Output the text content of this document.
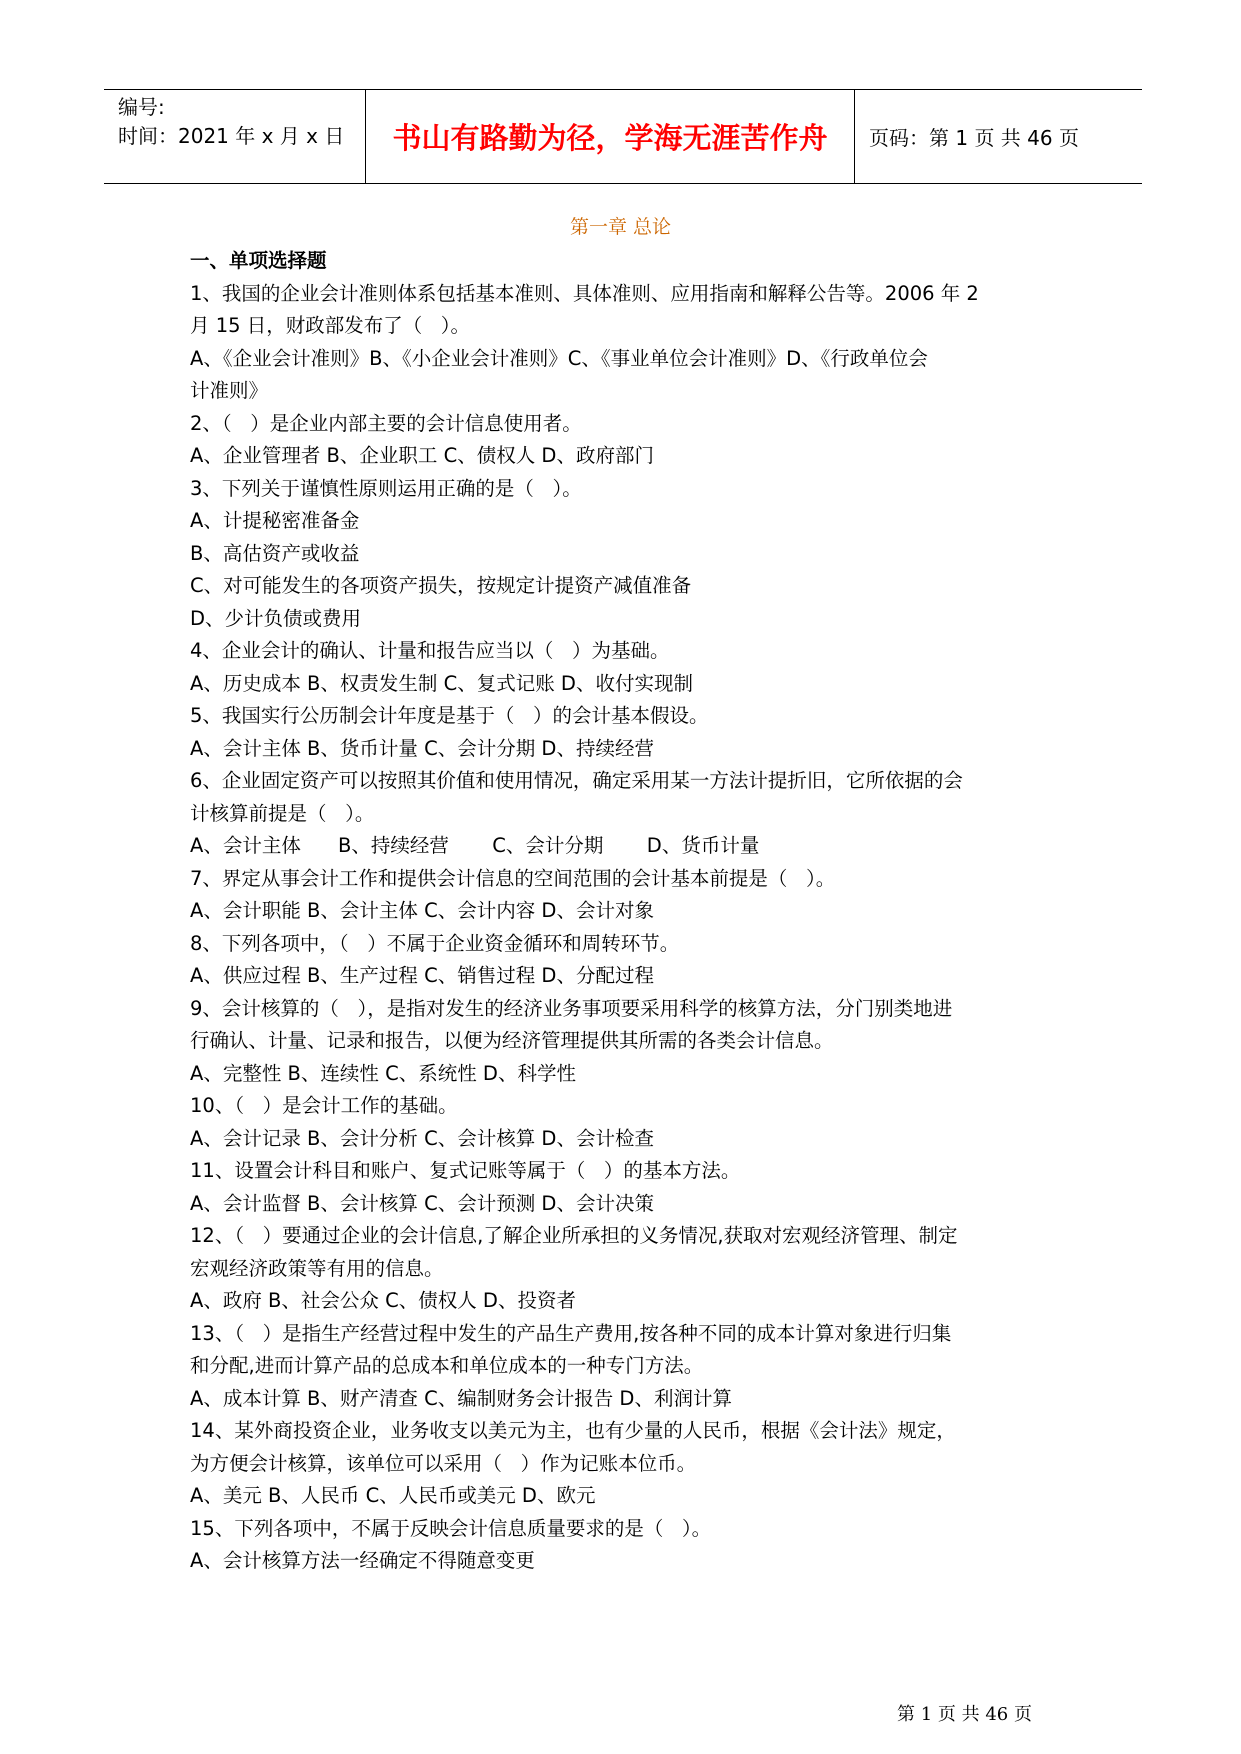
编号:
时间：2021 年 x 月 x 日	书山有路勤为径，学海无涯苦作舟	页码：第 1 页 共 46 页
第一章 总论

一、单项选择题

1、我国的企业会计准则体系包括基本准则、具体准则、应用指南和解释公告等。2006 年 2

月 15 日，财政部发布了（   ）。

A、《企业会计准则》B、《小企业会计准则》C、《事业单位会计准则》D、《行政单位会

计准则》

2、（   ）是企业内部主要的会计信息使用者。

A、企业管理者 B、企业职工 C、债权人 D、政府部门

3、下列关于谨慎性原则运用正确的是（   ）。

A、计提秘密准备金

B、高估资产或收益

C、对可能发生的各项资产损失，按规定计提资产减值准备

D、少计负债或费用

4、企业会计的确认、计量和报告应当以（   ）为基础。

A、历史成本 B、权责发生制 C、复式记账 D、收付实现制

5、我国实行公历制会计年度是基于（   ）的会计基本假设。

A、会计主体 B、货币计量 C、会计分期 D、持续经营

6、企业固定资产可以按照其价值和使用情况，确定采用某一方法计提折旧，它所依据的会

计核算前提是（   ）。

A、会计主体      B、持续经营       C、会计分期       D、货币计量

7、界定从事会计工作和提供会计信息的空间范围的会计基本前提是（   ）。

A、会计职能 B、会计主体 C、会计内容 D、会计对象

8、下列各项中，（   ）不属于企业资金循环和周转环节。

A、供应过程 B、生产过程 C、销售过程 D、分配过程

9、会计核算的（   ），是指对发生的经济业务事项要采用科学的核算方法，分门别类地进

行确认、计量、记录和报告，以便为经济管理提供其所需的各类会计信息。

A、完整性 B、连续性 C、系统性 D、科学性

10、（   ）是会计工作的基础。

A、会计记录 B、会计分析 C、会计核算 D、会计检查

11、设置会计科目和账户、复式记账等属于（   ）的基本方法。

A、会计监督 B、会计核算 C、会计预测 D、会计决策

12、（   ）要通过企业的会计信息,了解企业所承担的义务情况,获取对宏观经济管理、制定

宏观经济政策等有用的信息。

A、政府 B、社会公众 C、债权人 D、投资者

13、（   ）是指生产经营过程中发生的产品生产费用,按各种不同的成本计算对象进行归集

和分配,进而计算产品的总成本和单位成本的一种专门方法。

A、成本计算 B、财产清查 C、编制财务会计报告 D、利润计算

14、某外商投资企业，业务收支以美元为主，也有少量的人民币，根据《会计法》规定，

为方便会计核算，该单位可以采用（   ）作为记账本位币。

A、美元 B、人民币 C、人民币或美元 D、欧元

15、下列各项中，不属于反映会计信息质量要求的是（   ）。

A、会计核算方法一经确定不得随意变更

第 1 页 共 46 页
